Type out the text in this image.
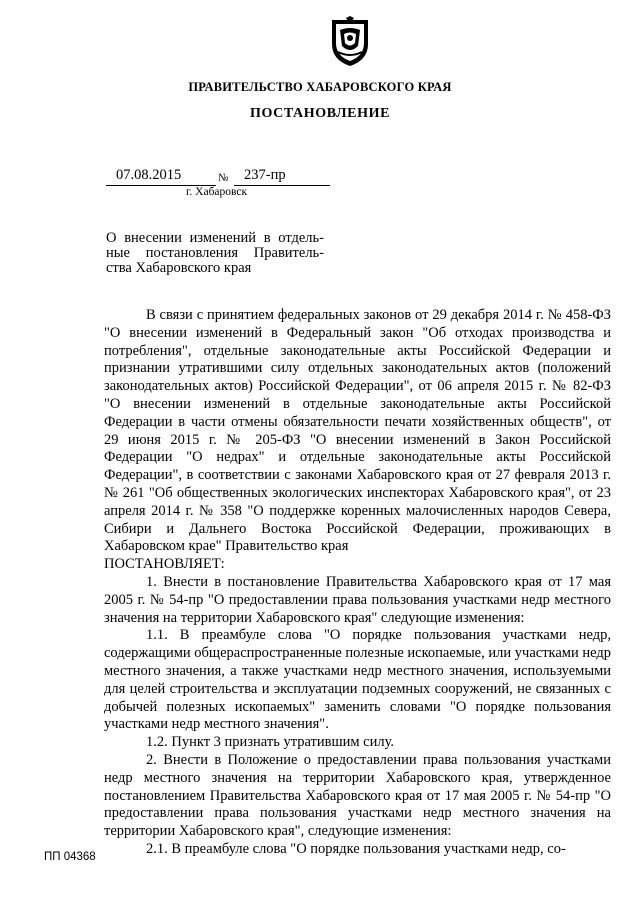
ПРАВИТЕЛЬСТВО ХАБАРОВСКОГО КРАЯ
ПОСТАНОВЛЕНИЕ
07.08.2015	№ 237-пр
г. Хабаровск
О внесении изменений в отдель-
ные постановления Правитель-
ства Хабаровского края

В связи с принятием федеральных законов от 29 декабря 2014 г. № 458-ФЗ "О внесении изменений в Федеральный закон "Об отходах производства и потребления", отдельные законодательные акты Российской Федерации и признании утратившими силу отдельных законодательных актов (положений законодательных актов) Российской Федерации", от 06 апреля 2015 г. № 82-ФЗ "О внесении изменений в отдельные законодательные акты Российской Федерации в части отмены обязательности печати хозяйственных обществ", от 29 июня 2015 г. № 205-ФЗ "О внесении изменений в Закон Российской Федерации "О недрах" и отдельные законодательные акты Российской Федерации", в соответствии с законами Хабаровского края от 27 февраля 2013 г. № 261 "Об общественных экологических инспекторах Хабаровского края", от 23 апреля 2014 г. № 358 "О поддержке коренных малочисленных народов Севера, Сибири и Дальнего Востока Российской Федерации, проживающих в Хабаровском крае" Правительство края

ПОСТАНОВЛЯЕТ:

1. Внести в постановление Правительства Хабаровского края от 17 мая 2005 г. № 54-пр "О предоставлении права пользования участками недр местного значения на территории Хабаровского края" следующие изменения:

1.1. В преамбуле слова "О порядке пользования участками недр, содержащими общераспространенные полезные ископаемые, или участками недр местного значения, а также участками недр местного значения, используемыми для целей строительства и эксплуатации подземных сооружений, не связанных с добычей полезных ископаемых" заменить словами "О порядке пользования участками недр местного значения".

1.2. Пункт 3 признать утратившим силу.

2. Внести в Положение о предоставлении права пользования участками недр местного значения на территории Хабаровского края, утвержденное постановлением Правительства Хабаровского края от 17 мая 2005 г. № 54-пр "О предоставлении права пользования участками недр местного значения на территории Хабаровского края", следующие изменения:

2.1. В преамбуле слова "О порядке пользования участками недр, со-

ПП 04368
